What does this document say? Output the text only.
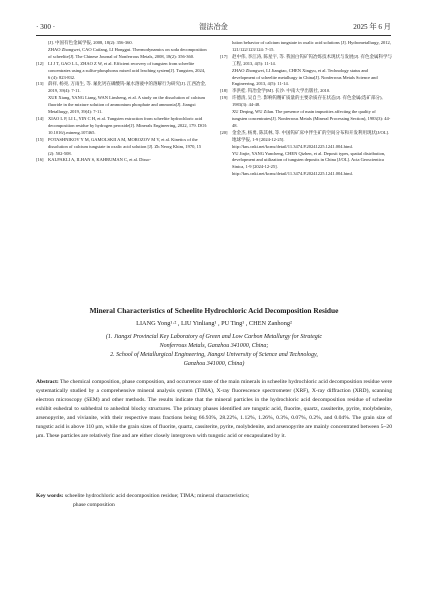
· 300 ·	湿法冶金	2025 年 6 月
[J]. 中国有色金属学报, 2008, 18(2): 356-360.
ZHAO Zhongwei, CAO Caifang, LI Honggui. Thermodynamics on soda decomposition of scheelite[J]. The Chinese Journal of Nonferrous Metals, 2008, 18(2): 356-360.
[12] LI J T, GAO L L, ZHAO Z W, et al. Efficient recovery of tungsten from scheelite concentrates using a sulfur-phosphorus mixed acid leaching system[J]. Tungsten, 2024, 6 (4): 823-832.
[13] 薛祥, 杨亮, 万雨生, 等. 氟化钙在磷酸钨-氟水溶液中的溶解行为研究[J]. 江西冶金, 2019, 39(4): 7-11.
XUE Xiang, YANG Liang, WAN Linsheng, et al. A study on the dissolution of calcium fluoride in the mixture solution of ammonium phosphate and ammonia[J]. Jiangxi Metallurgy, 2019, 39(4): 7-11.
[14] XIAO L P, LI L, YIN C H, et al. Tungsten extraction from scheelite hydrochloric acid decomposition residue by hydrogen peroxide[J]. Minerals Engineering, 2022, 179. DOI: 10.1016/j.mineng.107465.
[15] POTASHNIKOV Y M, GAMOLSKII A M, MOROZOV M V, et al. Kinetics of the dissolution of calcium tungstate in oxalic acid solution [J]. Zh Neorg Khim, 1970, 15 (2): 502-508.
[16] KALPAKLI A, ILHAN S, KAHRUMAN C, et al. Disso-
lution behavior of calcium tungstate in oxalic acid solutions [J]. Hydrometallurgy, 2012, 121/122/123/124: 7-15.
[17] 赵中伟, 李江涛, 陈星宇, 等. 我国白钨矿钨冶炼技术现状与发展[J]. 有色金属科学与工程, 2013, 4(5): 11-14.
ZHAO Zhongwei, LI Jiangtao, CHEN Xingyu, et al. Technology status and development of scheelite metallurgy in China[J]. Nonferrous Metals Science and Engineering, 2013, 4(5): 11-14.
[18] 李洪桂. 钨冶金学[M]. 长沙: 中南大学出版社, 2010.
[19] 许德清, 吴自兰. 影响钨精矿质量的主要杂质存在状态[J]. 有色金属(选矿部分), 1983(3): 44-48.
XU Deqing, WU Zilan. The presence of main impurities affecting the quality of tungsten concentrates[J]. Nonferrous Metals (Mineral Processing Section), 1983(3): 44-48.
[20] 金金杰, 杨勇, 陈其林, 等. 中国钨矿床中伴生矿的空间分布和开发利用现状[J/OL]. 地球学报, 1-9 [2024-12-25]. http://kns.cnki.net/kcms/detail/11.3474.P.20241225.1241.004.html.
YU Jinjie, YANG Yuncheng, CHEN Qizhen, et al. Deposit types, spatial distribution, development and utilization of tungsten deposits in China [J/OL]. Acta Geoscientica Sinica, 1-9 [2024-12-25]. http://kns.cnki.net/kcms/detail/11.3474.P.20241225.1241.004.html.
Mineral Characteristics of Scheelite Hydrochloric Acid Decomposition Residue
LIANG Yong¹·² , LIU Yinliang¹ , PU Ting¹ , CHEN Zanhong²
(1. Jiangxi Provincial Key Laboratory of Green and Low Carbon Metallurgy for Strategic
Nonferrous Metals, Ganzhou 341000, China;
2. School of Metallurgical Engineering, Jiangxi University of Science and Technology,
Ganzhou 341000, China)
Abstract: The chemical composition, phase composition, and occurrence state of the main minerals in scheelite hydrochloric acid decomposition residue were systematically studied by a comprehensive mineral analysis system (TIMA), X-ray fluorescence spectrometer (XRF), X-ray diffraction (XRD), scanning electron microscopy (SEM) and other methods. The results indicate that the mineral particles in the hydrochloric acid decomposition residue of scheelite exhibit euhedral to subhedral to anhedral blocky structures. The primary phases identified are tungstic acid, fluorite, quartz, cassiterite, pyrite, molybdenite, arsenopyrite, and vivianite, with their respective mass fractions being 66.93%, 28.22%, 1.12%, 1.26%, 0.3%, 0.07%, 0.2%, and 0.04%. The grain size of tungstic acid is above 110 μm, while the grain sizes of fluorite, quartz, cassiterite, pyrite, molybdenite, and arsenopyrite are mainly concentrated between 5~20 μm. These particles are relatively fine and are either closely intergrown with tungstic acid or encapsulated by it.
Key words: scheelite hydrochloric acid decomposition residue; TIMA; mineral characteristics;
phase composition
